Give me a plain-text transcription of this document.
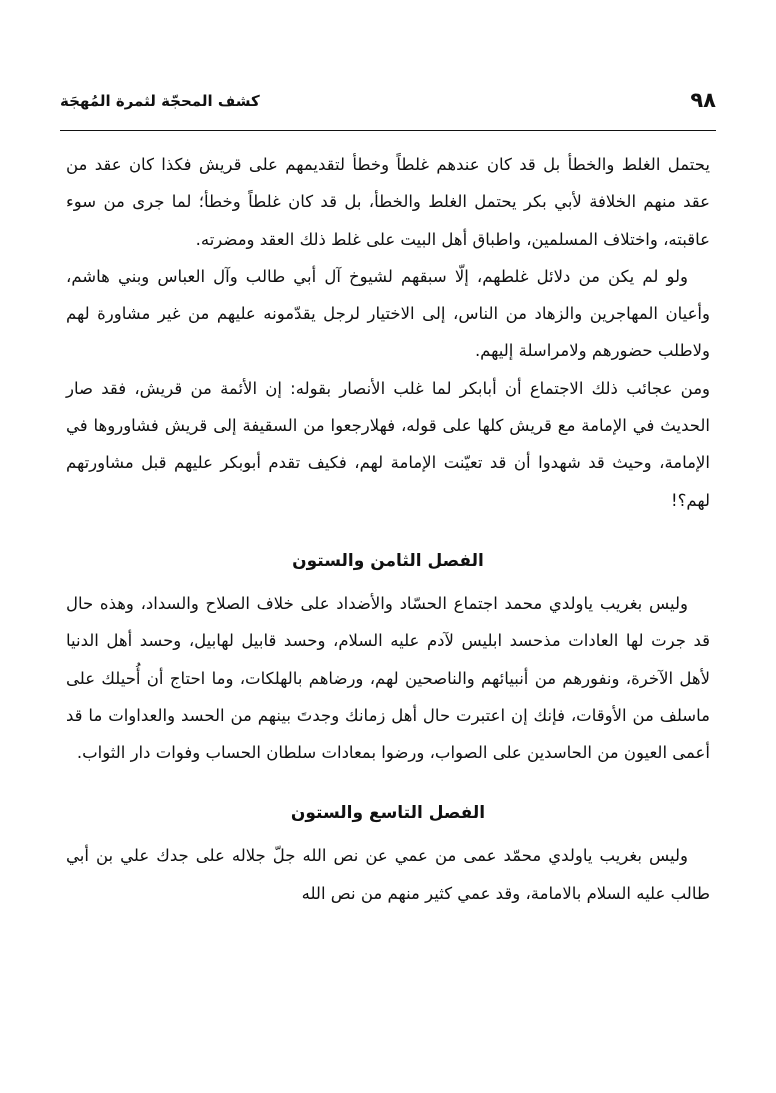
٩٨
كشف المحجّة لثمرة المُهجَة

يحتمل الغلط والخطأ بل قد كان عندهم غلطاً وخطأ لتقديمهم على قريش فكذا كان عقد من عقد منهم الخلافة لأبي بكر يحتمل الغلط والخطأ، بل قد كان غلطاً وخطأ؛ لما جرى من سوء عاقبته، واختلاف المسلمين، واطباق أهل البيت على غلط ذلك العقد ومضرته.

ولو لم يكن من دلائل غلطهم، إلّا سبقهم لشيوخ آل أبي طالب وآل العباس وبني هاشم، وأعيان المهاجرين والزهاد من الناس، إلى الاختيار لرجل يقدّمونه عليهم من غير مشاورة لهم ولاطلب حضورهم ولامراسلة إليهم.

ومن عجائب ذلك الاجتماع أن أبابكر لما غلب الأنصار بقوله: إن الأئمة من قريش، فقد صار الحديث في الإمامة مع قريش كلها على قوله، فهلارجعوا من السقيفة إلى قريش فشاوروها في الإمامة، وحيث قد شهدوا أن قد تعيّنت الإمامة لهم، فكيف تقدم أبوبكر عليهم قبل مشاورتهم لهم؟!

الفصل الثامن والستون

وليس بغريب ياولدي محمد اجتماع الحسّاد والأضداد على خلاف الصلاح والسداد، وهذه حال قد جرت لها العادات مذحسد ابليس لآدم عليه السلام، وحسد قابيل لهابيل، وحسد أهل الدنيا لأهل الآخرة، ونفورهم من أنبيائهم والناصحين لهم، ورضاهم بالهلكات، وما احتاج أن أُحيلك على ماسلف من الأوقات، فإنك إن اعتبرت حال أهل زمانك وجدتَ بينهم من الحسد والعداوات ما قد أعمى العيون من الحاسدين على الصواب، ورضوا بمعادات سلطان الحساب وفوات دار الثواب.

الفصل التاسع والستون

وليس بغريب ياولدي محمّد عمى من عمي عن نص الله جلّ جلاله على جدك علي بن أبي طالب عليه السلام بالامامة، وقد عمي كثير منهم من نص الله
